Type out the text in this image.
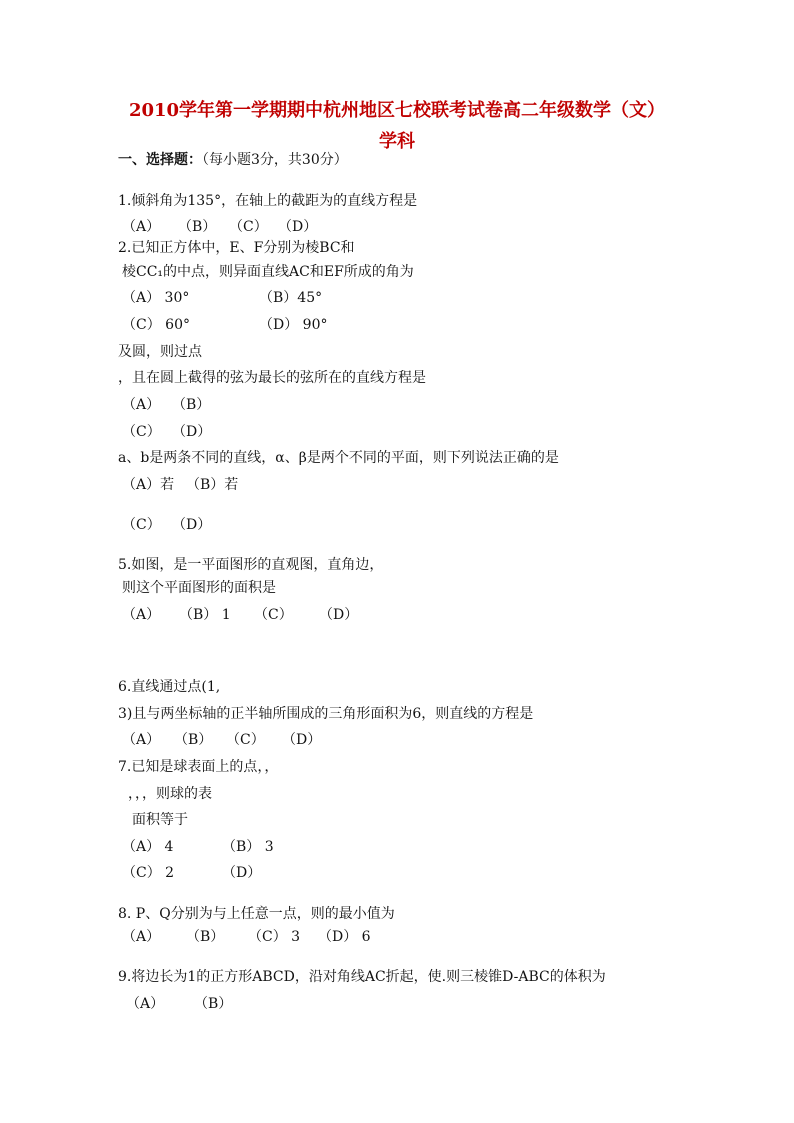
2010学年第一学期期中杭州地区七校联考试卷高二年级数学（文）
学科
一、选择题：（每小题3分，共30分）
1.倾斜角为135°，在轴上的截距为的直线方程是
（A） （B） （C） （D）
2.已知正方体中，E、F分别为棱BC和
棱CC₁的中点，则异面直线AC和EF所成的角为
（A） 30°	（B）45°
（C） 60°	（D） 90°
及圆，则过点
，且在圆上截得的弦为最长的弦所在的直线方程是
（A） （B）
（C） （D）
a、b是两条不同的直线，α、β是两个不同的平面，则下列说法正确的是
（A）若 （B）若
（C） （D）
5.如图，是一平面图形的直观图，直角边，
则这个平面图形的面积是
（A） （B） 1 （C） （D）
6.直线通过点(1,
3)且与两坐标轴的正半轴所围成的三角形面积为6，则直线的方程是
（A） （B） （C） （D）
7.已知是球表面上的点，，
，，，则球的表
面积等于
（A） 4	（B） 3
（C） 2	（D）
8. P、Q分别为与上任意一点，则的最小值为
（A） （B） （C） 3 （D） 6
9.将边长为1的正方形ABCD，沿对角线AC折起，使.则三棱锥D-ABC的体积为
（A） （B）
